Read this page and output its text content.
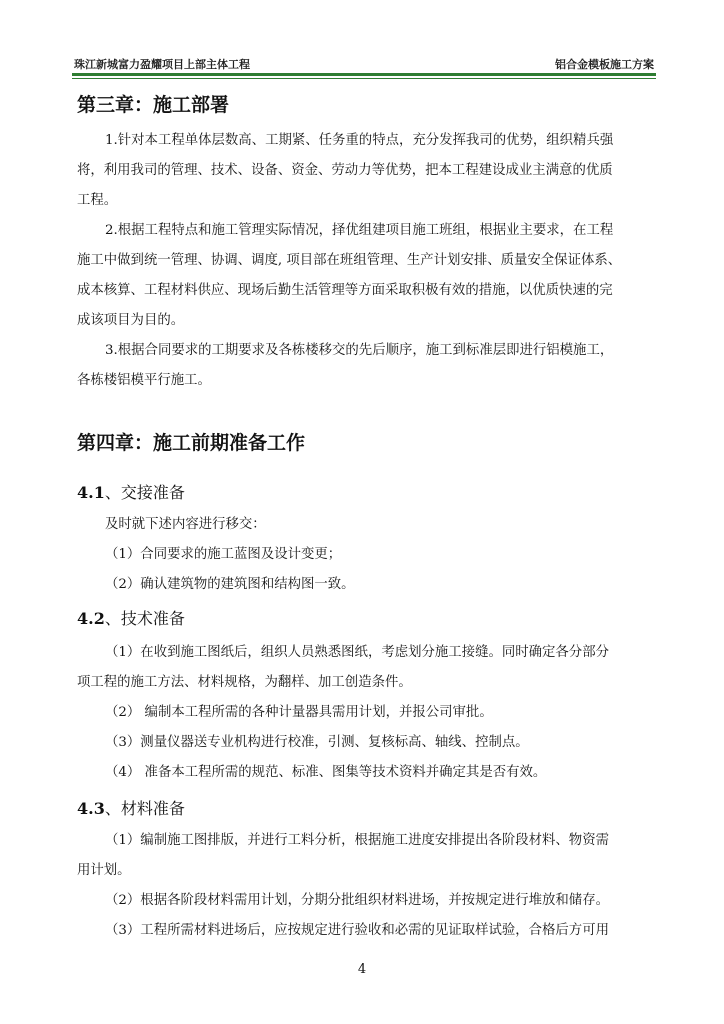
珠江新城富力盈耀项目上部主体工程	铝合金模板施工方案
第三章：施工部署
1.针对本工程单体层数高、工期紧、任务重的特点，充分发挥我司的优势，组织精兵强
将，利用我司的管理、技术、设备、资金、劳动力等优势，把本工程建设成业主满意的优质
工程。
2.根据工程特点和施工管理实际情况，择优组建项目施工班组，根据业主要求，在工程
施工中做到统一管理、协调、调度, 项目部在班组管理、生产计划安排、质量安全保证体系、
成本核算、工程材料供应、现场后勤生活管理等方面采取积极有效的措施，以优质快速的完
成该项目为目的。
3.根据合同要求的工期要求及各栋楼移交的先后顺序，施工到标准层即进行铝模施工，
各栋楼铝模平行施工。
第四章：施工前期准备工作
4.1、交接准备
及时就下述内容进行移交：
（1）合同要求的施工蓝图及设计变更；
（2）确认建筑物的建筑图和结构图一致。
4.2、技术准备
（1）在收到施工图纸后，组织人员熟悉图纸，考虑划分施工接缝。同时确定各分部分
项工程的施工方法、材料规格，为翻样、加工创造条件。
（2） 编制本工程所需的各种计量器具需用计划，并报公司审批。
（3）测量仪器送专业机构进行校准，引测、复核标高、轴线、控制点。
（4） 准备本工程所需的规范、标准、图集等技术资料并确定其是否有效。
4.3、材料准备
（1）编制施工图排版，并进行工料分析，根据施工进度安排提出各阶段材料、物资需
用计划。
（2）根据各阶段材料需用计划，分期分批组织材料进场，并按规定进行堆放和储存。
（3）工程所需材料进场后，应按规定进行验收和必需的见证取样试验，合格后方可用
4
